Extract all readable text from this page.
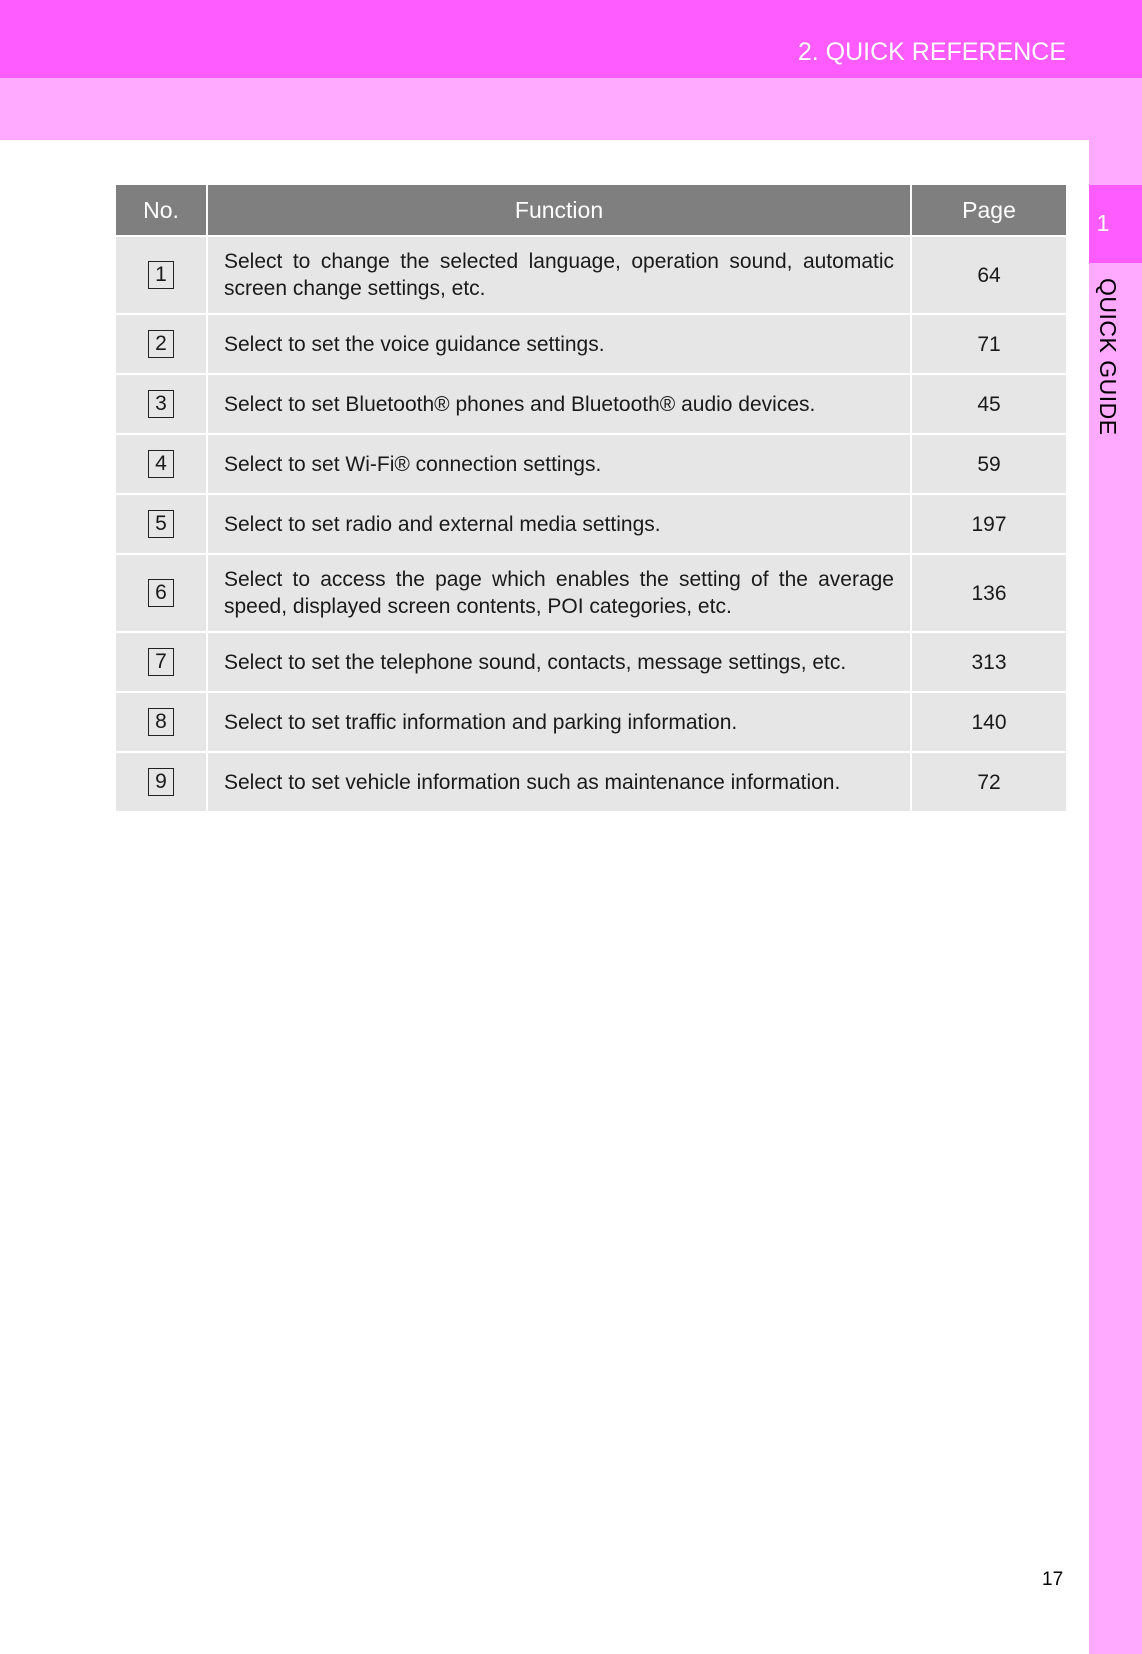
2. QUICK REFERENCE
1
QUICK GUIDE
No.	Function	Page
1	Select to change the selected language, operation sound, automatic screen change settings, etc.	64
2	Select to set the voice guidance settings.	71
3	Select to set Bluetooth® phones and Bluetooth® audio devices.	45
4	Select to set Wi-Fi® connection settings.	59
5	Select to set radio and external media settings.	197
6	Select to access the page which enables the setting of the average speed, displayed screen contents, POI categories, etc.	136
7	Select to set the telephone sound, contacts, message settings, etc.	313
8	Select to set traffic information and parking information.	140
9	Select to set vehicle information such as maintenance information.	72
17
